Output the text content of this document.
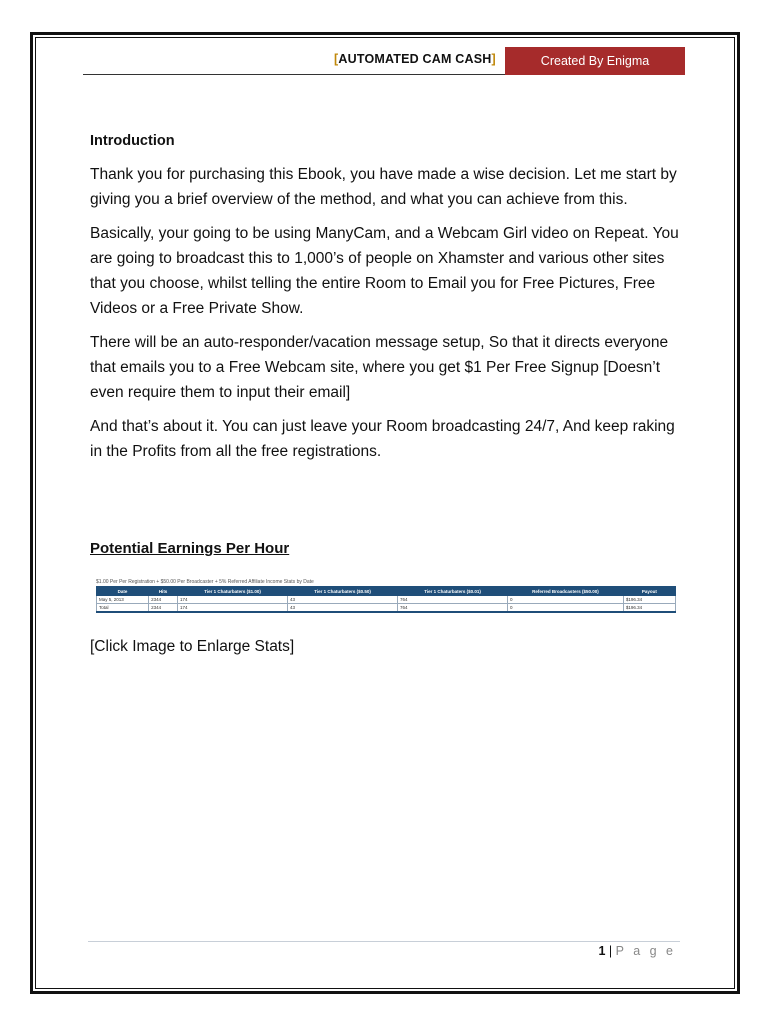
[AUTOMATED CAM CASH]	Created By Enigma
Introduction

Thank you for purchasing this Ebook, you have made a wise decision. Let me start by giving you a brief overview of the method, and what you can achieve from this.

Basically, your going to be using ManyCam, and a Webcam Girl video on Repeat. You are going to broadcast this to 1,000’s of people on Xhamster and various other sites that you choose, whilst telling the entire Room to Email you for Free Pictures, Free Videos or a Free Private Show.

There will be an auto-responder/vacation message setup, So that it directs everyone that emails you to a Free Webcam site, where you get $1 Per Free Signup [Doesn’t even require them to input their email]

And that’s about it. You can just leave your Room broadcasting 24/7, And keep raking in the Profits from all the free registrations.

Potential Earnings Per Hour
$1.00 Per Per Registration + $50.00 Per Broadcaster + 5% Referred Affiliate Income Stats by Date
Date	Hits	Tier 1 Chaturbaters ($1.00)	Tier 1 Chaturbaters ($0.50)	Tier 1 Chaturbaters ($0.01)	Referred Broadcasters ($50.00)	Payout
May 5, 2013	2344	174	43	764	0	$196.34
Total	2344	174	43	764	0	$196.34
[Click Image to Enlarge Stats]
1 | P a g e
